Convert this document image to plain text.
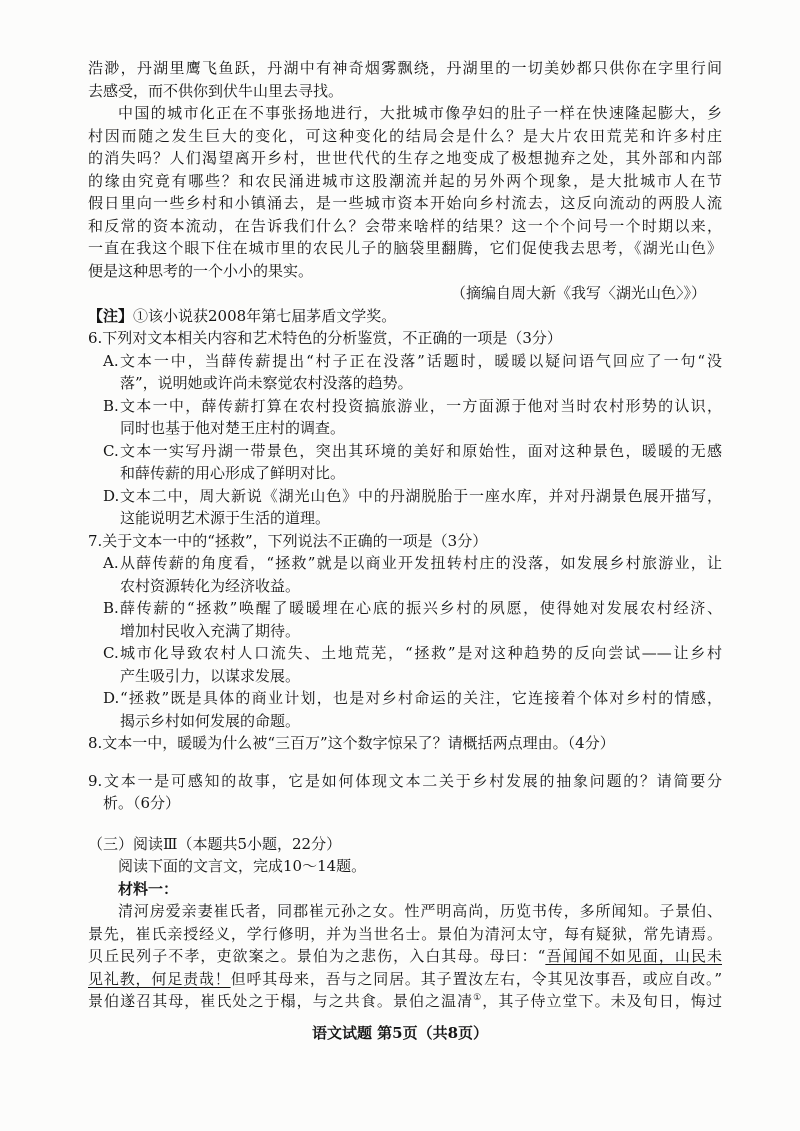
浩渺，丹湖里鹰飞鱼跃，丹湖中有神奇烟雾飘绕，丹湖里的一切美妙都只供你在字里行间
去感受，而不供你到伏牛山里去寻找。
中国的城市化正在不事张扬地进行，大批城市像孕妇的肚子一样在快速隆起膨大，乡
村因而随之发生巨大的变化，可这种变化的结局会是什么？是大片农田荒芜和许多村庄
的消失吗？人们渴望离开乡村，世世代代的生存之地变成了极想抛弃之处，其外部和内部
的缘由究竟有哪些？和农民涌进城市这股潮流并起的另外两个现象，是大批城市人在节
假日里向一些乡村和小镇涌去，是一些城市资本开始向乡村流去，这反向流动的两股人流
和反常的资本流动，在告诉我们什么？会带来啥样的结果？这一个个问号一个时期以来，
一直在我这个眼下住在城市里的农民儿子的脑袋里翻腾，它们促使我去思考，《湖光山色》
便是这种思考的一个小小的果实。
（摘编自周大新《我写〈湖光山色〉》）
【注】①该小说获2008年第七届茅盾文学奖。
6.下列对文本相关内容和艺术特色的分析鉴赏，不正确的一项是（3分）
A. 文本一中，当薛传薪提出“村子正在没落”话题时，暖暖以疑问语气回应了一句“没
落”，说明她或许尚未察觉农村没落的趋势。
B. 文本一中，薛传薪打算在农村投资搞旅游业，一方面源于他对当时农村形势的认识，
同时也基于他对楚王庄村的调查。
C. 文本一实写丹湖一带景色，突出其环境的美好和原始性，面对这种景色，暖暖的无感
和薛传薪的用心形成了鲜明对比。
D. 文本二中，周大新说《湖光山色》中的丹湖脱胎于一座水库，并对丹湖景色展开描写，
这能说明艺术源于生活的道理。
7.关于文本一中的“拯救”，下列说法不正确的一项是（3分）
A. 从薛传薪的角度看，“拯救”就是以商业开发扭转村庄的没落，如发展乡村旅游业，让
农村资源转化为经济收益。
B. 薛传薪的“拯救”唤醒了暖暖埋在心底的振兴乡村的夙愿，使得她对发展农村经济、
增加村民收入充满了期待。
C. 城市化导致农村人口流失、土地荒芜，“拯救”是对这种趋势的反向尝试——让乡村
产生吸引力，以谋求发展。
D. “拯救”既是具体的商业计划，也是对乡村命运的关注，它连接着个体对乡村的情感，
揭示乡村如何发展的命题。
8.文本一中，暖暖为什么被“三百万”这个数字惊呆了？请概括两点理由。（4分）
9.文本一是可感知的故事，它是如何体现文本二关于乡村发展的抽象问题的？请简要分
析。（6分）
（三）阅读Ⅲ（本题共5小题，22分）
阅读下面的文言文，完成10～14题。
材料一：
清河房爱亲妻崔氏者，同郡崔元孙之女。性严明高尚，历览书传，多所闻知。子景伯、
景先，崔氏亲授经义，学行修明，并为当世名士。景伯为清河太守，每有疑狱，常先请焉。
贝丘民列子不孝，吏欲案之。景伯为之悲伤，入白其母。母曰：“吾闻闻不如见面，山民未
见礼教，何足责哉！但呼其母来，吾与之同居。其子置汝左右，令其见汝事吾，或应自改。”
景伯遂召其母，崔氏处之于榻，与之共食。景伯之温凊①，其子侍立堂下。未及旬日，悔过
语文试题 第5页（共8页）
